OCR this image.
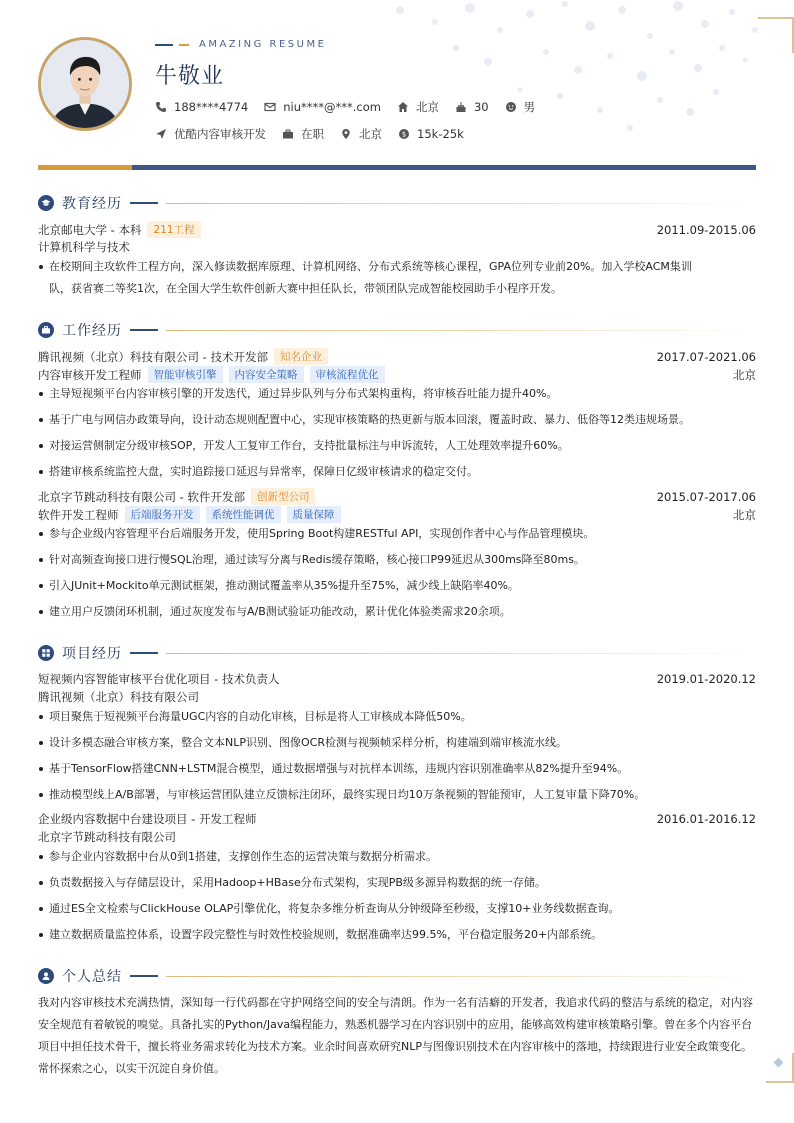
AMAZING RESUME
牛敬业
188****4774	niu****@***.com	北京	30	男
优酷内容审核开发	在职	北京	$ 15k-25k
教育经历
北京邮电大学 - 本科	211工程	2011.09-2015.06
计算机科学与技术
在校期间主攻软件工程方向，深入修读数据库原理、计算机网络、分布式系统等核心课程，GPA位列专业前20%。加入学校ACM集训
队，获省赛二等奖1次，在全国大学生软件创新大赛中担任队长，带领团队完成智能校园助手小程序开发。
工作经历
腾讯视频（北京）科技有限公司 - 技术开发部	知名企业	2017.07-2021.06
内容审核开发工程师	智能审核引擎	内容安全策略	审核流程优化	北京
主导短视频平台内容审核引擎的开发迭代，通过异步队列与分布式架构重构，将审核吞吐能力提升40%。
基于广电与网信办政策导向，设计动态规则配置中心，实现审核策略的热更新与版本回滚，覆盖时政、暴力、低俗等12类违规场景。
对接运营侧制定分级审核SOP，开发人工复审工作台，支持批量标注与申诉流转，人工处理效率提升60%。
搭建审核系统监控大盘，实时追踪接口延迟与异常率，保障日亿级审核请求的稳定交付。
北京字节跳动科技有限公司 - 软件开发部	创新型公司	2015.07-2017.06
软件开发工程师	后端服务开发	系统性能调优	质量保障	北京
参与企业级内容管理平台后端服务开发，使用Spring Boot构建RESTful API，实现创作者中心与作品管理模块。
针对高频查询接口进行慢SQL治理，通过读写分离与Redis缓存策略，核心接口P99延迟从300ms降至80ms。
引入JUnit+Mockito单元测试框架，推动测试覆盖率从35%提升至75%，减少线上缺陷率40%。
建立用户反馈闭环机制，通过灰度发布与A/B测试验证功能改动，累计优化体验类需求20余项。
项目经历
短视频内容智能审核平台优化项目 - 技术负责人	2019.01-2020.12
腾讯视频（北京）科技有限公司
项目聚焦于短视频平台海量UGC内容的自动化审核，目标是将人工审核成本降低50%。
设计多模态融合审核方案，整合文本NLP识别、图像OCR检测与视频帧采样分析，构建端到端审核流水线。
基于TensorFlow搭建CNN+LSTM混合模型，通过数据增强与对抗样本训练，违规内容识别准确率从82%提升至94%。
推动模型线上A/B部署，与审核运营团队建立反馈标注闭环，最终实现日均10万条视频的智能预审，人工复审量下降70%。
企业级内容数据中台建设项目 - 开发工程师	2016.01-2016.12
北京字节跳动科技有限公司
参与企业内容数据中台从0到1搭建，支撑创作生态的运营决策与数据分析需求。
负责数据接入与存储层设计，采用Hadoop+HBase分布式架构，实现PB级多源异构数据的统一存储。
通过ES全文检索与ClickHouse OLAP引擎优化，将复杂多维分析查询从分钟级降至秒级，支撑10+业务线数据查询。
建立数据质量监控体系，设置字段完整性与时效性校验规则，数据准确率达99.5%，平台稳定服务20+内部系统。
个人总结
我对内容审核技术充满热情，深知每一行代码都在守护网络空间的安全与清朗。作为一名有洁癖的开发者，我追求代码的整洁与系统的稳定，对内容安全规范有着敏锐的嗅觉。具备扎实的Python/Java编程能力，熟悉机器学习在内容识别中的应用，能够高效构建审核策略引擎。曾在多个内容平台项目中担任技术骨干，擅长将业务需求转化为技术方案。业余时间喜欢研究NLP与图像识别技术在内容审核中的落地，持续跟进行业安全政策变化。常怀探索之心，以实干沉淀自身价值。
